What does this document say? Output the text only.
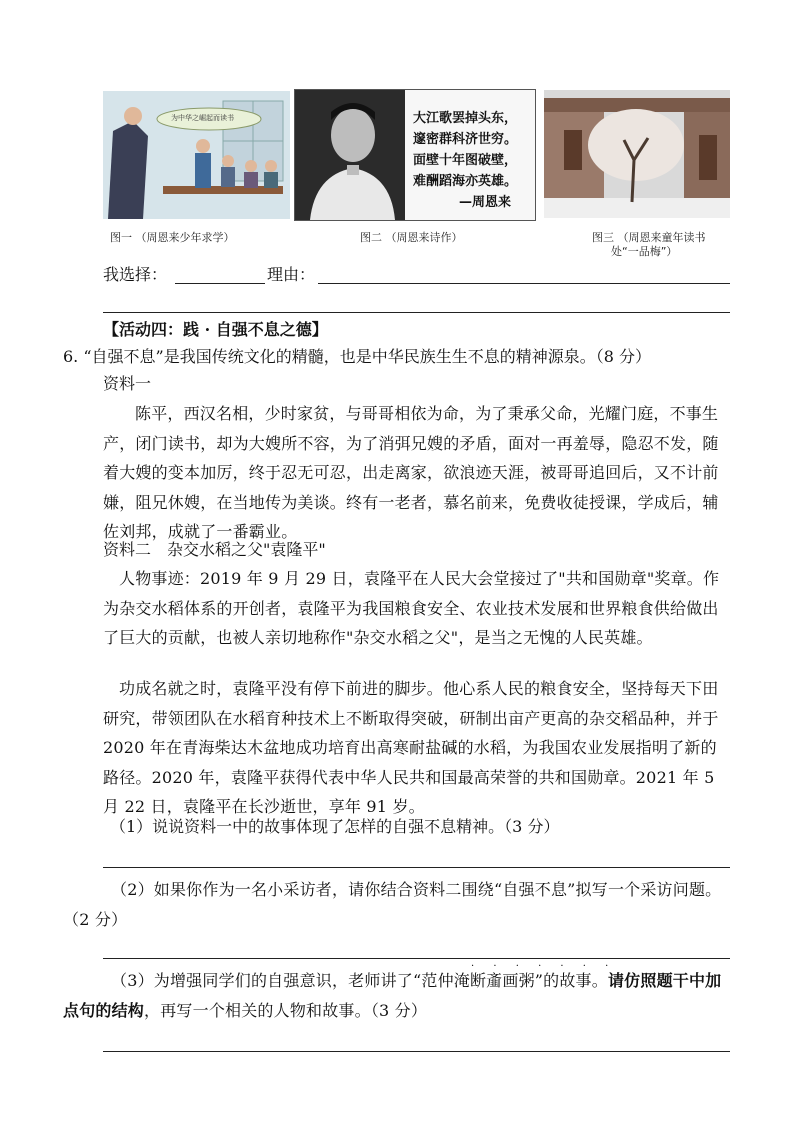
为中华之崛起而读书
图一 （周恩来少年求学）
大江歌罢掉头东，
邃密群科济世穷。
面壁十年图破壁，
难酬蹈海亦英雄。
—周恩来
图二 （周恩来诗作）	图三 （周恩来童年读书
处“一品梅”）
我选择：	理由：
【活动四：践 · 自强不息之德】
6. “自强不息”是我国传统文化的精髓，也是中华民族生生不息的精神源泉。（8 分）
资料一
陈平，西汉名相，少时家贫，与哥哥相依为命，为了秉承父命，光耀门庭，不事生产，闭门读书，却为大嫂所不容，为了消弭兄嫂的矛盾，面对一再羞辱，隐忍不发，随着大嫂的变本加厉，终于忍无可忍，出走离家，欲浪迹天涯，被哥哥追回后，又不计前嫌，阻兄休嫂，在当地传为美谈。终有一老者，慕名前来，免费收徒授课，学成后，辅佐刘邦，成就了一番霸业。
资料二　杂交水稻之父"袁隆平"
人物事迹：2019 年 9 月 29 日，袁隆平在人民大会堂接过了"共和国勋章"奖章。作为杂交水稻体系的开创者，袁隆平为我国粮食安全、农业技术发展和世界粮食供给做出了巨大的贡献，也被人亲切地称作"杂交水稻之父"，是当之无愧的人民英雄。
功成名就之时，袁隆平没有停下前进的脚步。他心系人民的粮食安全，坚持每天下田研究，带领团队在水稻育种技术上不断取得突破，研制出亩产更高的杂交稻品种，并于 2020 年在青海柴达木盆地成功培育出高寒耐盐碱的水稻，为我国农业发展指明了新的路径。2020 年，袁隆平获得代表中华人民共和国最高荣誉的共和国勋章。2021 年 5 月 22 日，袁隆平在长沙逝世，享年 91 岁。
（1）说说资料一中的故事体现了怎样的自强不息精神。（3 分）
（2）如果你作为一名小采访者，请你结合资料二围绕“自强不息”拟写一个采访问题。（2 分）
· · · · · · ·
（3）为增强同学们的自强意识，老师讲了“范仲淹断齑画粥”的故事。请仿照题干中加点句的结构，再写一个相关的人物和故事。（3 分）
